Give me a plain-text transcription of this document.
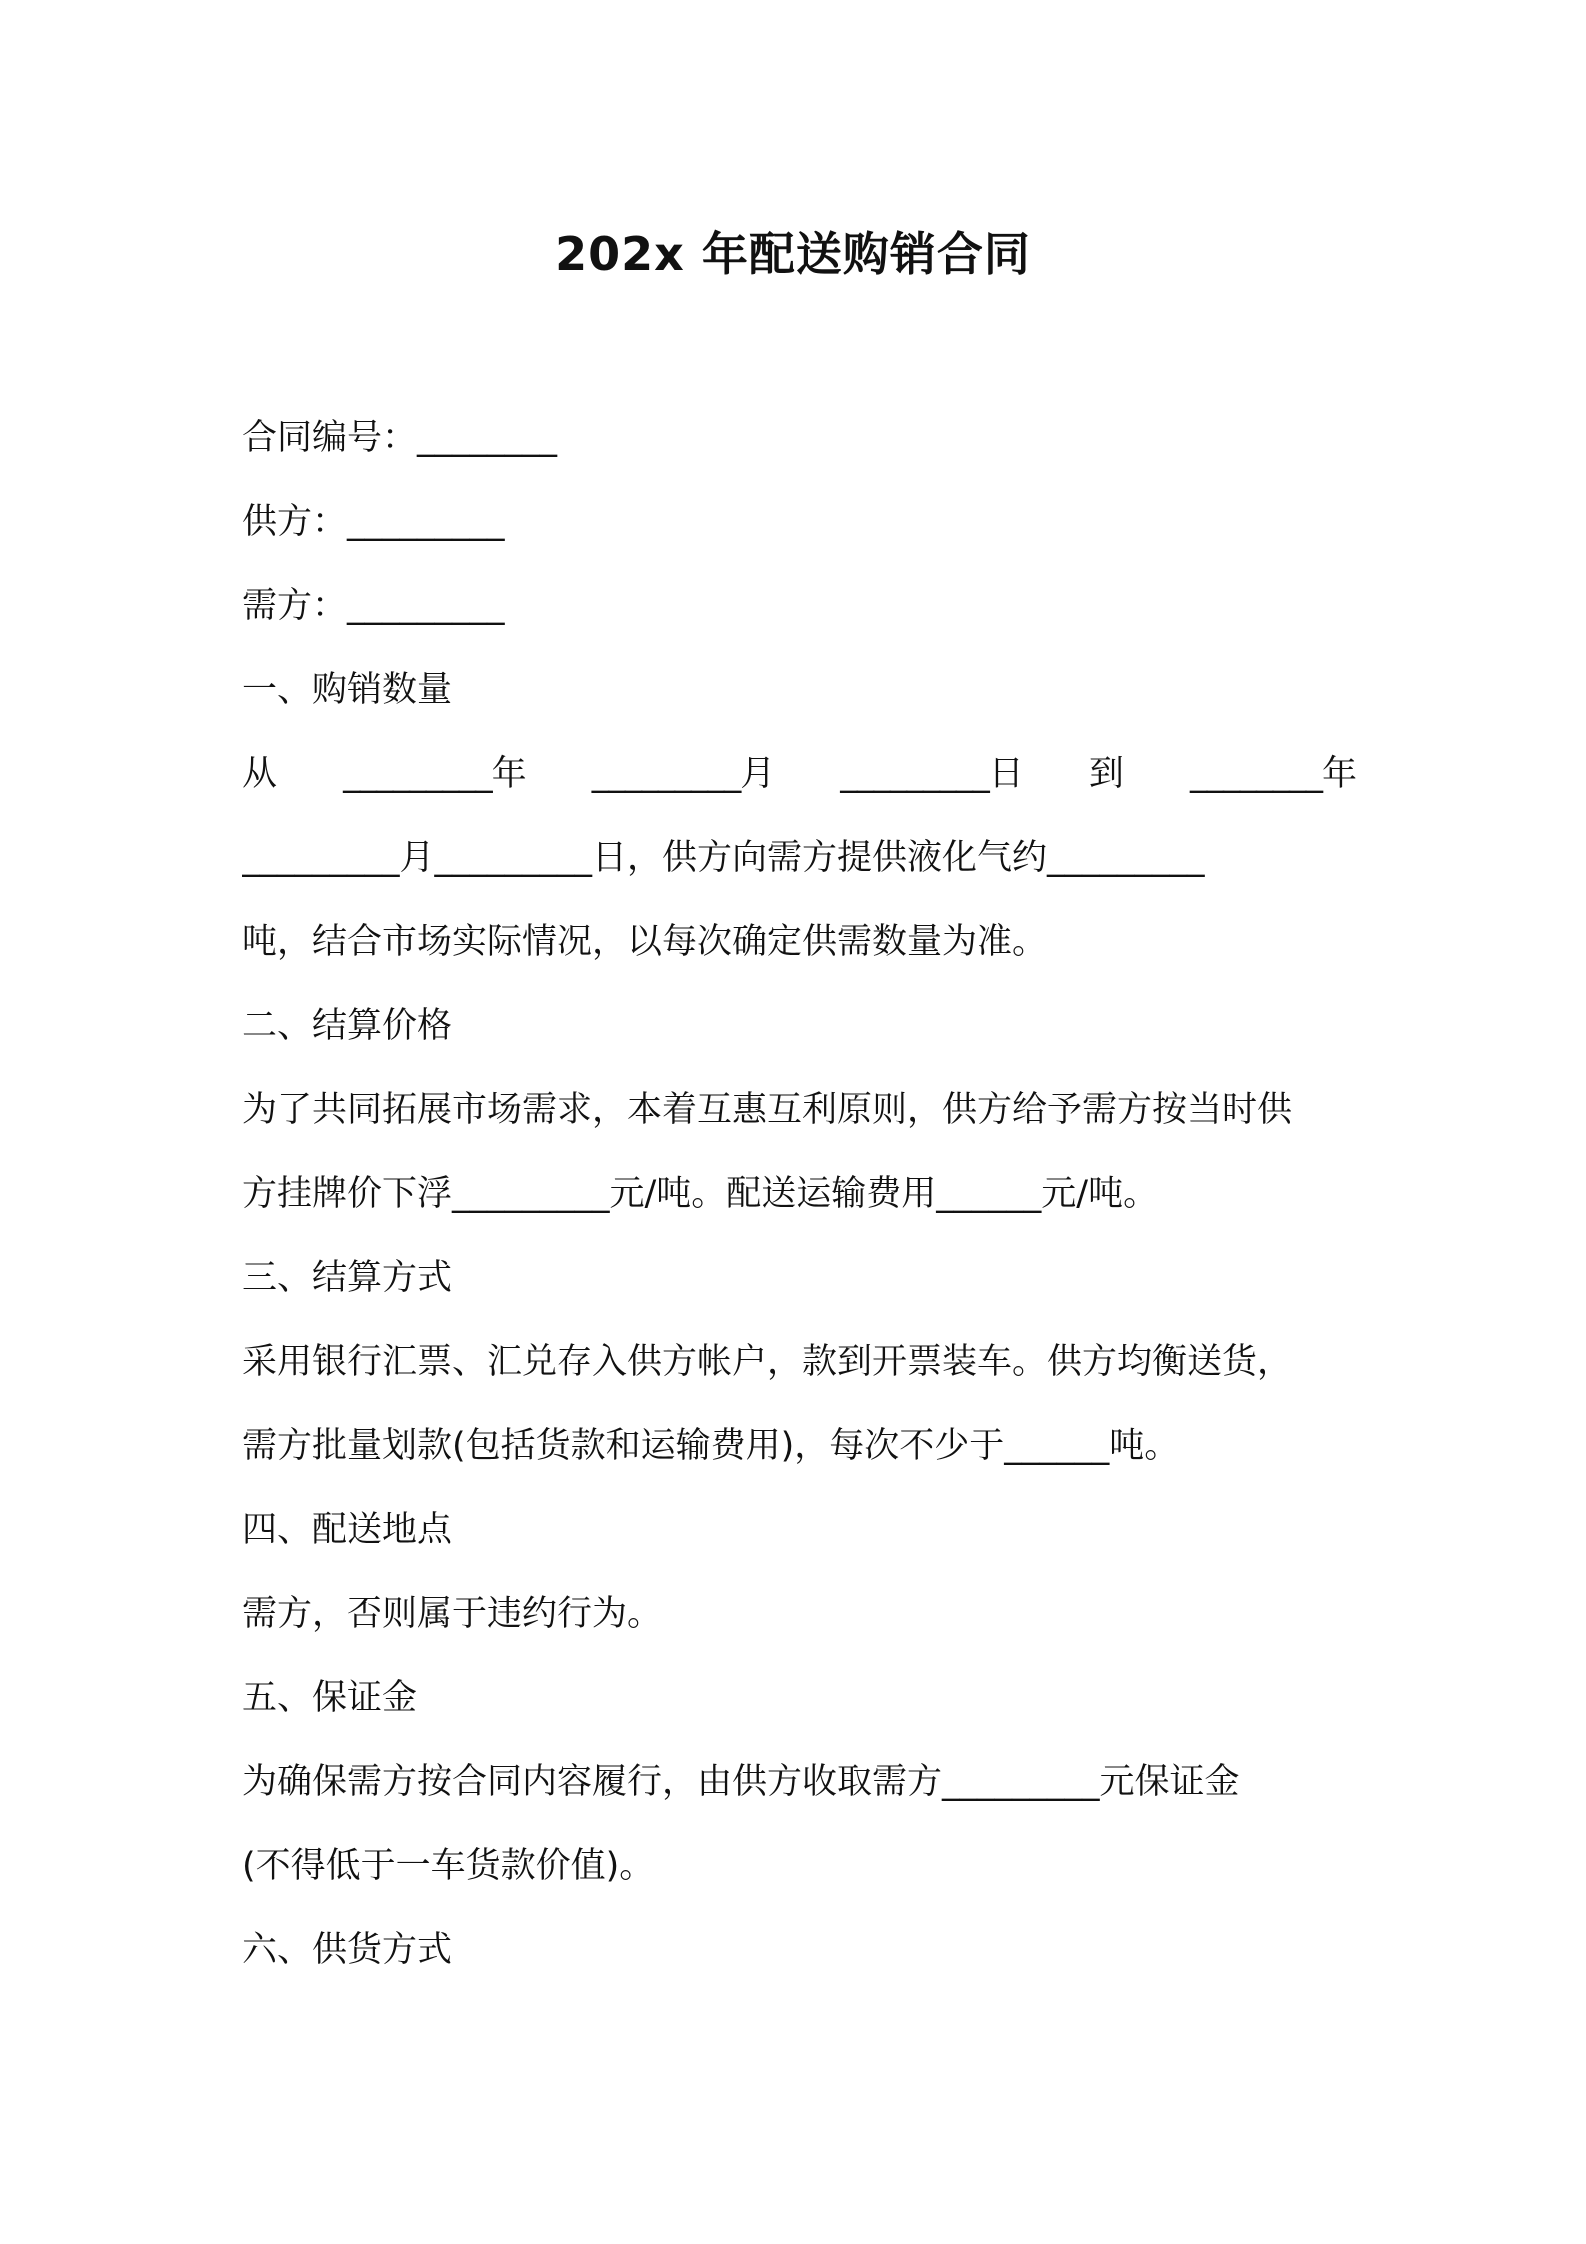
202x 年配送购销合同
合同编号：________
供方：_________
需方：_________
一、购销数量
从 _________年 _________月 _________日 到 ________年
_________月_________日，供方向需方提供液化气约_________
吨，结合市场实际情况，以每次确定供需数量为准。
二、结算价格
为了共同拓展市场需求，本着互惠互利原则，供方给予需方按当时供
方挂牌价下浮_________元/吨。配送运输费用______元/吨。
三、结算方式
采用银行汇票、汇兑存入供方帐户，款到开票装车。供方均衡送货，
需方批量划款(包括货款和运输费用)，每次不少于______吨。
四、配送地点
需方，否则属于违约行为。
五、保证金
为确保需方按合同内容履行，由供方收取需方_________元保证金
(不得低于一车货款价值)。
六、供货方式
